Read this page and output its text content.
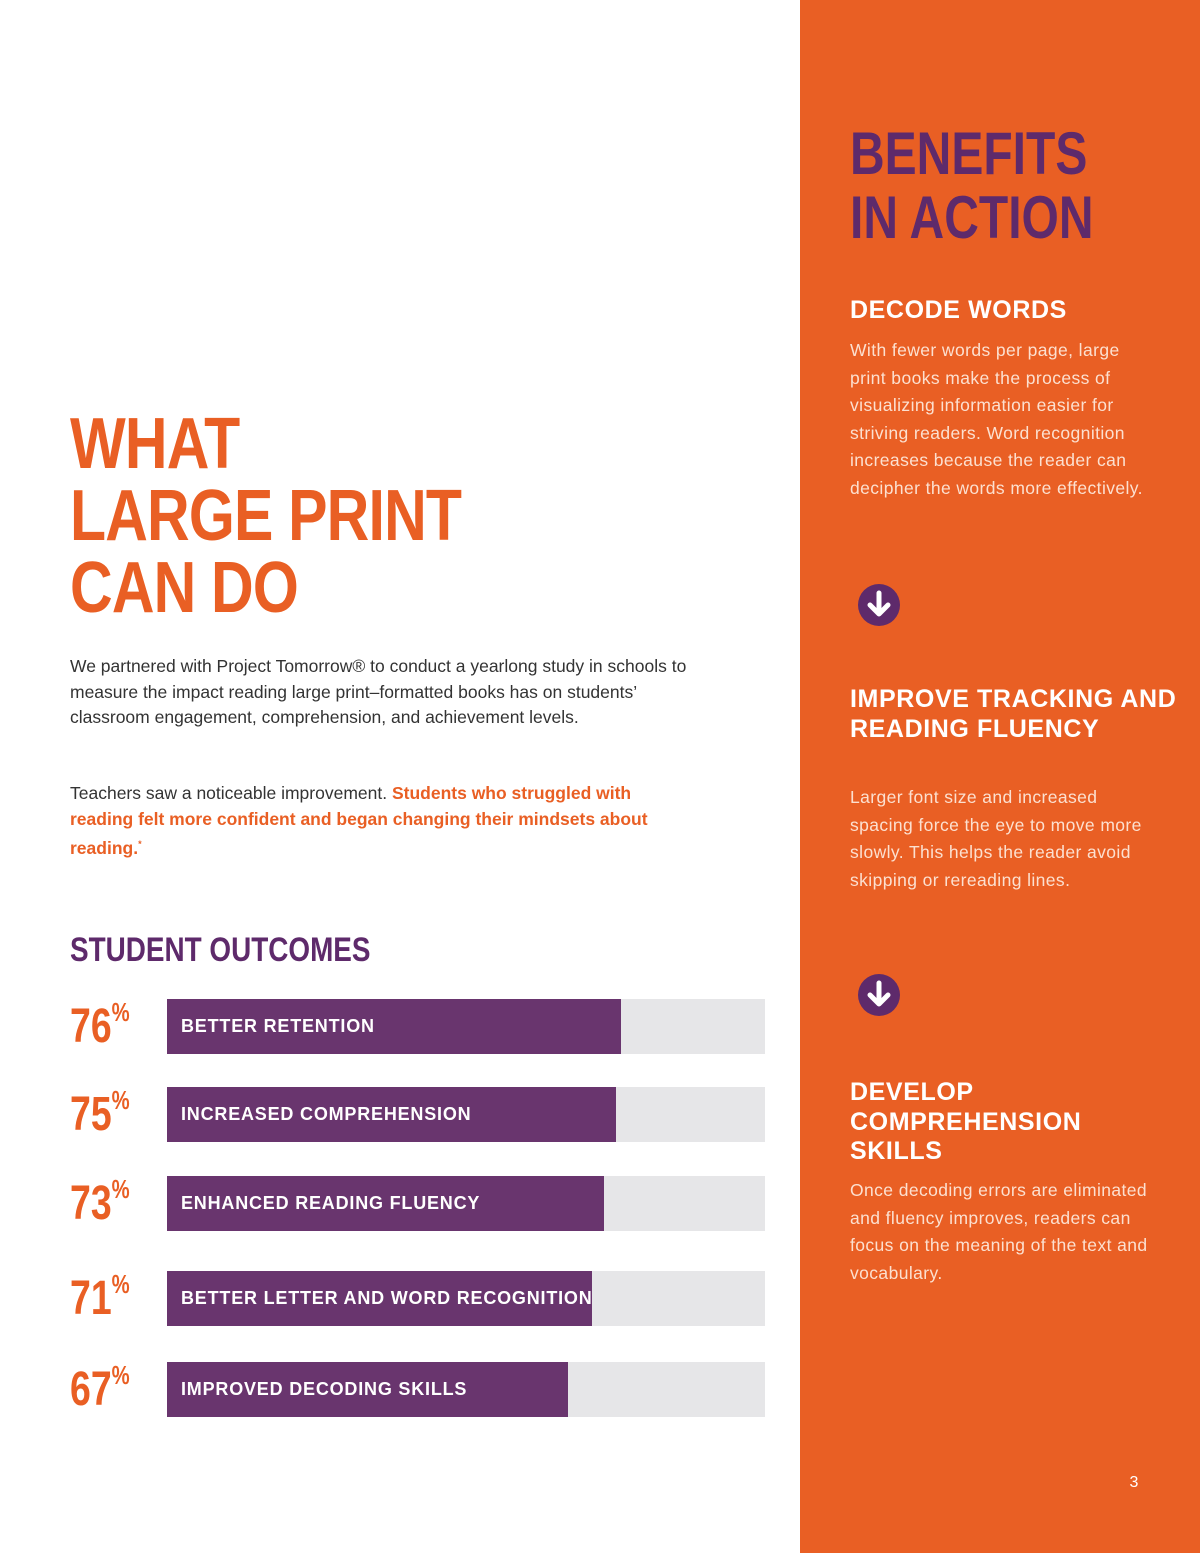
WHAT
LARGE PRINT
CAN DO

We partnered with Project Tomorrow® to conduct a yearlong study in schools to measure the impact reading large print–formatted books has on students’ classroom engagement, comprehension, and achievement levels.

Teachers saw a noticeable improvement. Students who struggled with reading felt more confident and began changing their mindsets about reading.*

STUDENT OUTCOMES
76%	BETTER RETENTION
75%	INCREASED COMPREHENSION
73%	ENHANCED READING FLUENCY
71%	BETTER LETTER AND WORD RECOGNITION
67%	IMPROVED DECODING SKILLS
BENEFITS
IN ACTION
DECODE WORDS

With fewer words per page, large print books make the process of visualizing information easier for striving readers. Word recognition increases because the reader can decipher the words more effectively.

IMPROVE TRACKING AND READING FLUENCY

Larger font size and increased spacing force the eye to move more slowly. This helps the reader avoid skipping or rereading lines.

DEVELOP COMPREHENSION SKILLS

Once decoding errors are eliminated and fluency improves, readers can focus on the meaning of the text and vocabulary.

3
